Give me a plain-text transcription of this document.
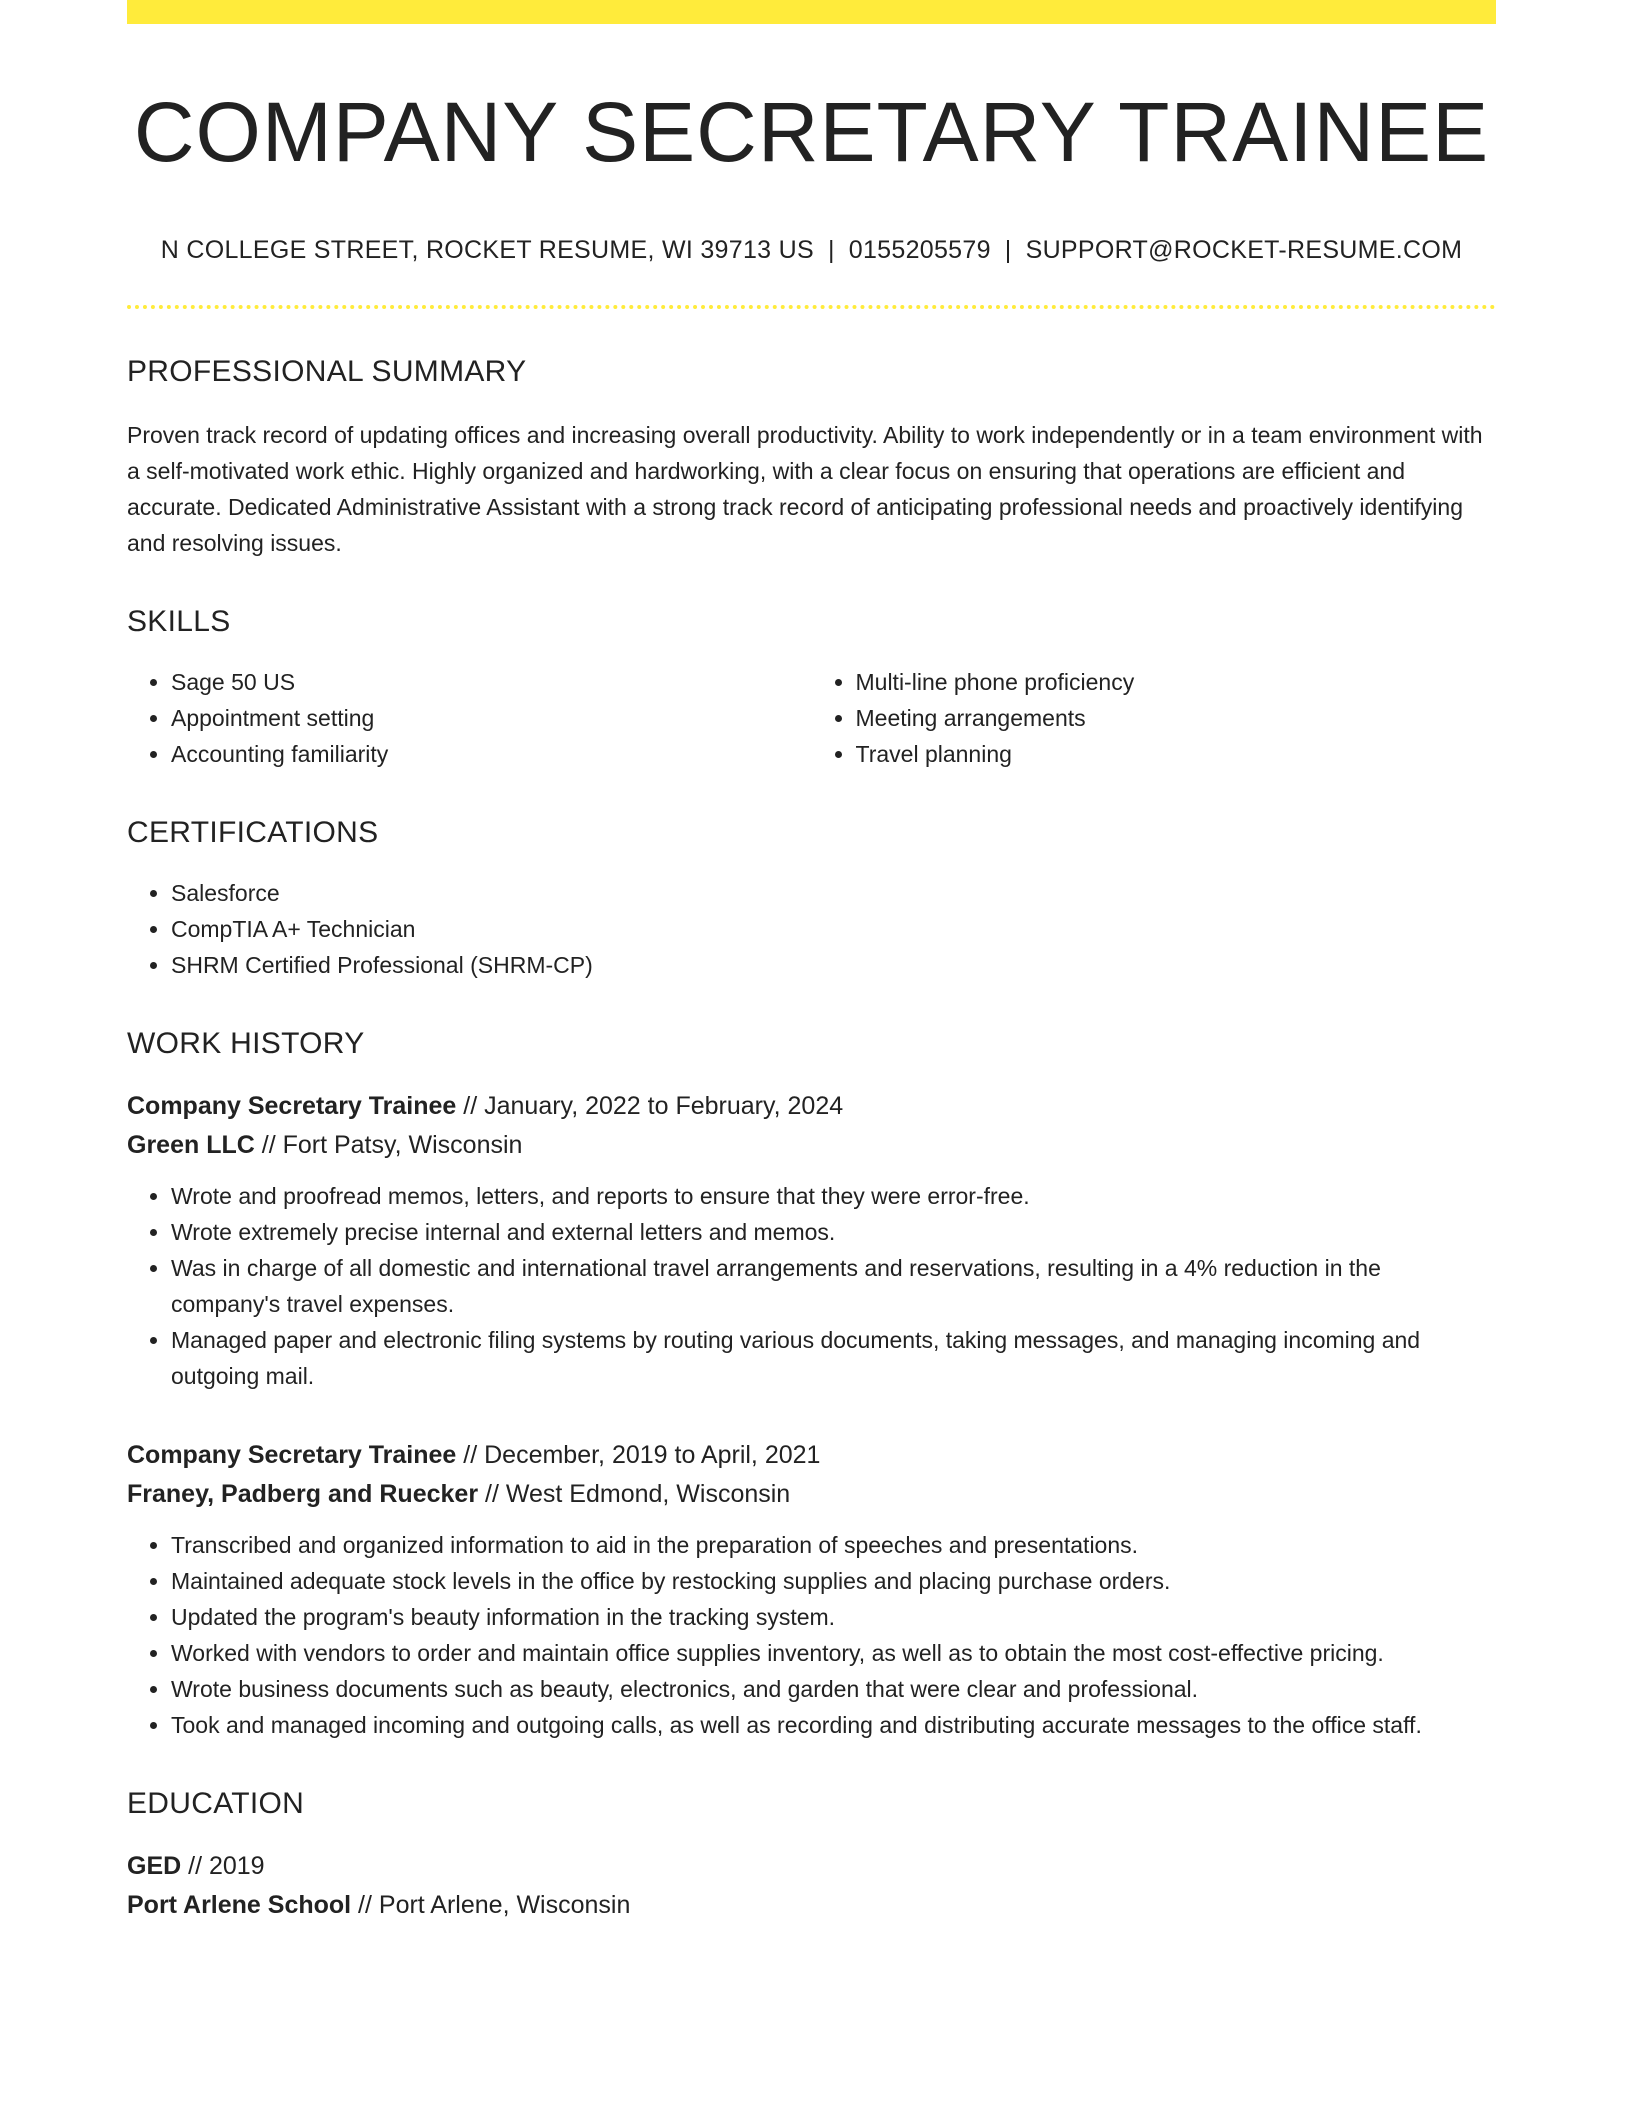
COMPANY SECRETARY TRAINEE
N COLLEGE STREET, ROCKET RESUME, WI 39713 US | 0155205579 | SUPPORT@ROCKET-RESUME.COM
PROFESSIONAL SUMMARY
Proven track record of updating offices and increasing overall productivity. Ability to work independently or in a team environment with a self-motivated work ethic. Highly organized and hardworking, with a clear focus on ensuring that operations are efficient and accurate. Dedicated Administrative Assistant with a strong track record of anticipating professional needs and proactively identifying and resolving issues.
SKILLS
• Sage 50 US
• Appointment setting
• Accounting familiarity
• Multi-line phone proficiency
• Meeting arrangements
• Travel planning
CERTIFICATIONS
• Salesforce
• CompTIA A+ Technician
• SHRM Certified Professional (SHRM-CP)
WORK HISTORY
Company Secretary Trainee // January, 2022 to February, 2024
Green LLC // Fort Patsy, Wisconsin
• Wrote and proofread memos, letters, and reports to ensure that they were error-free.
• Wrote extremely precise internal and external letters and memos.
• Was in charge of all domestic and international travel arrangements and reservations, resulting in a 4% reduction in the company's travel expenses.
• Managed paper and electronic filing systems by routing various documents, taking messages, and managing incoming and outgoing mail.
Company Secretary Trainee // December, 2019 to April, 2021
Franey, Padberg and Ruecker // West Edmond, Wisconsin
• Transcribed and organized information to aid in the preparation of speeches and presentations.
• Maintained adequate stock levels in the office by restocking supplies and placing purchase orders.
• Updated the program's beauty information in the tracking system.
• Worked with vendors to order and maintain office supplies inventory, as well as to obtain the most cost-effective pricing.
• Wrote business documents such as beauty, electronics, and garden that were clear and professional.
• Took and managed incoming and outgoing calls, as well as recording and distributing accurate messages to the office staff.
EDUCATION
GED // 2019
Port Arlene School // Port Arlene, Wisconsin
